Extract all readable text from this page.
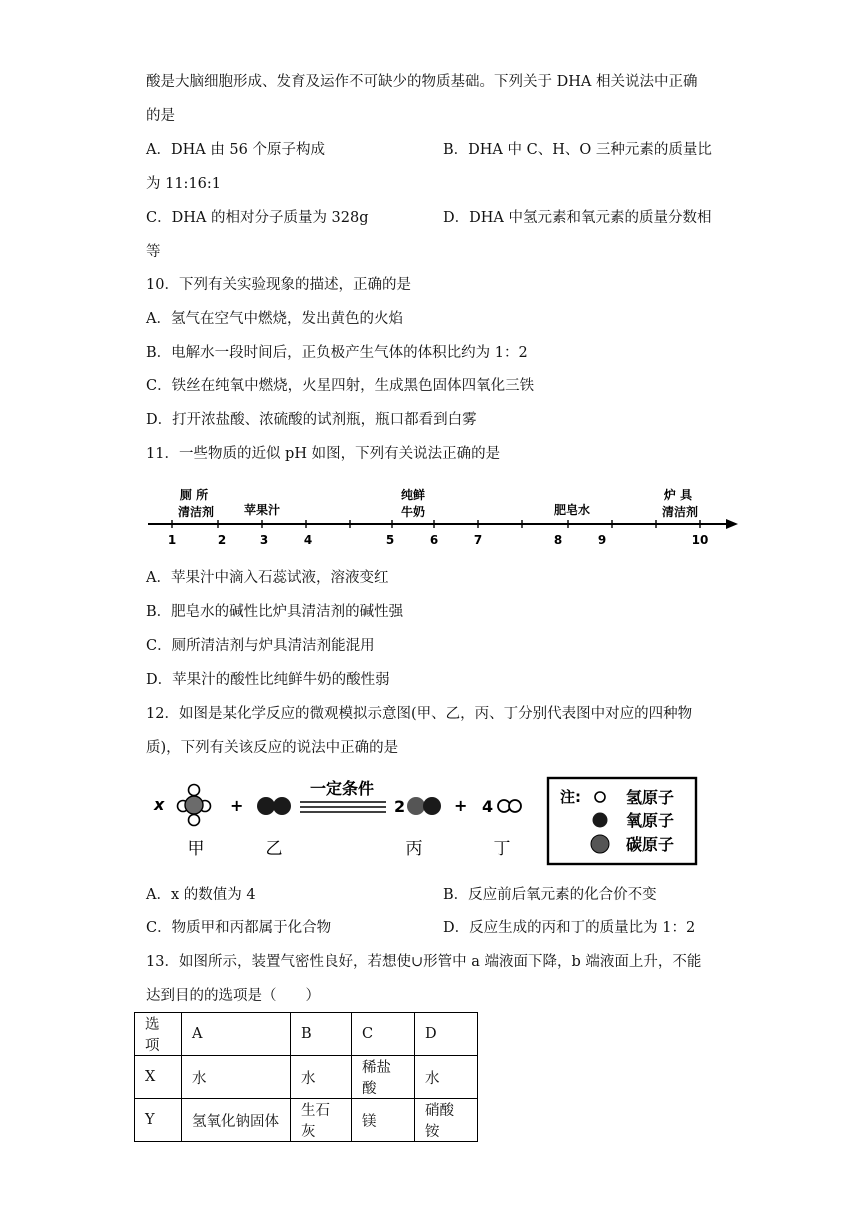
酸是大脑细胞形成、发育及运作不可缺少的物质基础。下列关于 DHA 相关说法中正确
的是
A．DHA 由 56 个原子构成	B．DHA 中 C、H、O 三种元素的质量比
为 11:16:1
C．DHA 的相对分子质量为 328g	D．DHA 中氢元素和氧元素的质量分数相
等
10．下列有关实验现象的描述，正确的是
A．氢气在空气中燃烧，发出黄色的火焰
B．电解水一段时间后，正负极产生气体的体积比约为 1：2
C．铁丝在纯氧中燃烧，火星四射，生成黑色固体四氧化三铁
D．打开浓盐酸、浓硫酸的试剂瓶，瓶口都看到白雾
11．一些物质的近似 pH 如图，下列有关说法正确的是
1	2	3	4	5	6	7	8	9	10
厕 所
清洁剂 苹果汁
纯鲜
牛奶	肥皂水
炉 具
清洁剂
A．苹果汁中滴入石蕊试液，溶液变红
B．肥皂水的碱性比炉具清洁剂的碱性强
C．厕所清洁剂与炉具清洁剂能混用
D．苹果汁的酸性比纯鲜牛奶的酸性弱
12．如图是某化学反应的微观模拟示意图(甲、乙，丙、丁分别代表图中对应的四种物
质)，下列有关该反应的说法中正确的是
x	+
一定条件
2	+ 4
甲	乙	丙	丁
注:	氢原子
氧原子
碳原子
A．x 的数值为 4	B．反应前后氧元素的化合价不变
C．物质甲和丙都属于化合物	D．反应生成的丙和丁的质量比为 1：2
13．如图所示，装置气密性良好，若想使∪形管中 a 端液面下降，b 端液面上升，不能
达到目的的选项是（　　）
选项	A	B	C	D
X	水	水	稀盐酸	水
Y	氢氧化钠固体	生石灰	镁	硝酸铵
